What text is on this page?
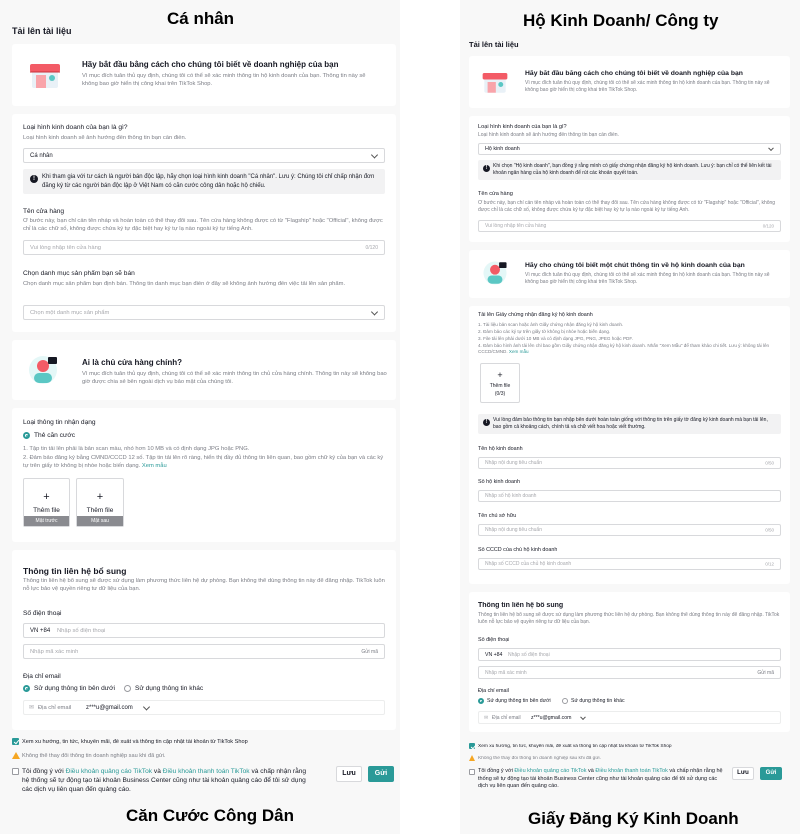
Cá nhân
Tải lên tài liệu
Hãy bắt đầu bằng cách cho chúng tôi biết về doanh nghiệp của bạn
Vì mục đích tuân thủ quy định, chúng tôi có thể sẽ xác minh thông tin hộ kinh doanh của bạn. Thông tin này sẽ không bao giờ hiển thị công khai trên TikTok Shop.
Loại hình kinh doanh của bạn là gì?
Loại hình kinh doanh sẽ ảnh hưởng đến thông tin bạn cần điền.
Cá nhân
!	Khi tham gia với tư cách là người bán độc lập, hãy chọn loại hình kinh doanh "Cá nhân". Lưu ý: Chúng tôi chỉ chấp nhận đơn đăng ký từ các người bán độc lập ở Việt Nam có căn cước công dân hoặc hộ chiếu.
Tên cửa hàng
Ở bước này, bạn chỉ cần tên nháp và hoàn toàn có thể thay đổi sau. Tên cửa hàng không được có từ "Flagship" hoặc "Official", không được chỉ là các chữ số, không được chứa ký tự đặc biệt hay ký tự lạ nào ngoài ký tự tiếng Anh.
Vui lòng nhập tên cửa hàng	0/120
Chọn danh mục sản phẩm bạn sẽ bán
Chọn danh mục sản phẩm bạn định bán. Thông tin danh mục bạn điền ở đây sẽ không ảnh hưởng đến việc tải lên sản phẩm.
Chọn một danh mục sản phẩm
Ai là chủ cửa hàng chính?
Vì mục đích tuân thủ quy định, chúng tôi có thể sẽ xác minh thông tin chủ cửa hàng chính. Thông tin này sẽ không bao giờ được chia sẻ bên ngoài dịch vụ bảo mật của chúng tôi.
Loại thông tin nhận dạng
Thẻ căn cước
1. Tập tin tải lên phải là bản scan màu, nhỏ hơn 10 MB và có định dạng JPG hoặc PNG.
2. Đảm bảo đăng ký bằng CMND/CCCD 12 số. Tập tin tải lên rõ ràng, hiển thị đầy đủ thông tin liên quan, bao gồm chữ ký của bạn và các ký tự trên giấy tờ không bị nhòe hoặc biến dạng. Xem mẫu
+
Thêm file
Mặt trước
+
Thêm file
Mặt sau
Thông tin liên hệ bổ sung
Thông tin liên hệ bổ sung sẽ được sử dụng làm phương thức liên hệ dự phòng. Bạn không thể dùng thông tin này để đăng nhập. TikTok luôn nỗ lực bảo vệ quyền riêng tư dữ liệu của bạn.
Số điện thoại
VN +84 Nhập số điện thoại
Nhập mã xác minh	Gửi mã
Địa chỉ email
Sử dụng thông tin bên dưới	Sử dụng thông tin khác
✉ Địa chỉ email z***u@gmail.com
Xem xu hướng, tin tức, khuyến mãi, đề xuất và thông tin cập nhật tài khoản từ TikTok Shop
Không thể thay đổi thông tin doanh nghiệp sau khi đã gửi.
Tôi đồng ý với Điều khoản quảng cáo TikTok và Điều khoản thanh toán TikTok và chấp nhận rằng hệ thống sẽ tự động tạo tài khoản Business Center cũng như tài khoản quảng cáo để tôi sử dụng các dịch vụ liên quan đến quảng cáo.
Lưu	Gửi
Căn Cước Công Dân
Hộ Kinh Doanh/ Công ty
Tải lên tài liệu
Hãy bắt đầu bằng cách cho chúng tôi biết về doanh nghiệp của bạn
Vì mục đích tuân thủ quy định, chúng tôi có thể sẽ xác minh thông tin hộ kinh doanh của bạn. Thông tin này sẽ không bao giờ hiển thị công khai trên TikTok Shop.
Loại hình kinh doanh của bạn là gì?
Loại hình kinh doanh sẽ ảnh hưởng đến thông tin bạn cần điền.
Hộ kinh doanh
!	Khi chọn "Hộ kinh doanh", bạn đồng ý rằng mình có giấy chứng nhận đăng ký hộ kinh doanh. Lưu ý: bạn chỉ có thể liên kết tài khoản ngân hàng của hộ kinh doanh để rút các khoản quyết toán.
Tên cửa hàng
Ở bước này, bạn chỉ cần tên nháp và hoàn toàn có thể thay đổi sau. Tên cửa hàng không được có từ "Flagship" hoặc "Official", không được chỉ là các chữ số, không được chứa ký tự đặc biệt hay ký tự lạ nào ngoài ký tự tiếng Anh.
Vui lòng nhập tên cửa hàng	0/120
Hãy cho chúng tôi biết một chút thông tin về hộ kinh doanh của bạn
Vì mục đích tuân thủ quy định, chúng tôi có thể sẽ xác minh thông tin hộ kinh doanh của bạn. Thông tin này sẽ không bao giờ hiển thị công khai trên TikTok Shop.
Tải lên Giấy chứng nhận đăng ký hộ kinh doanh
1. Tài liệu bản scan hoặc ảnh Giấy chứng nhận đăng ký hộ kinh doanh.
2. Đảm bảo các ký tự trên giấy tờ không bị nhòe hoặc biến dạng.
3. File tải lên phải dưới 10 MB và có định dạng JPG, PNG, JPEG hoặc PDF.
4. Đảm bảo hình ảnh tải lên chỉ bao gồm Giấy chứng nhận đăng ký hộ kinh doanh. Nhấn "Xem Mẫu" để tham khảo chi tiết. Lưu ý: không tải lên CCCD/CMND. Xem mẫu
+
Thêm file
(0/3)
!	Vui lòng đảm bảo thông tin bạn nhập bên dưới hoàn toàn giống với thông tin trên giấy tờ đăng ký kinh doanh mà bạn tải lên, bao gồm cả khoảng cách, chính tả và chữ viết hoa hoặc viết thường.
Tên hộ kinh doanh
Nhập nội dung tiêu chuẩn	0/50
Số hộ kinh doanh
Nhập số hộ kinh doanh
Tên chủ sở hữu
Nhập nội dung tiêu chuẩn	0/50
Số CCCD của chủ hộ kinh doanh
Nhập số CCCD của chủ hộ kinh doanh	0/12
Thông tin liên hệ bổ sung
Thông tin liên hệ bổ sung sẽ được sử dụng làm phương thức liên hệ dự phòng. Bạn không thể dùng thông tin này để đăng nhập. TikTok luôn nỗ lực bảo vệ quyền riêng tư dữ liệu của bạn.
Số điện thoại
VN +84 Nhập số điện thoại
Nhập mã xác minh	Gửi mã
Địa chỉ email
Sử dụng thông tin bên dưới	Sử dụng thông tin khác
✉ Địa chỉ email z***u@gmail.com
Xem xu hướng, tin tức, khuyến mãi, đề xuất và thông tin cập nhật tài khoản từ TikTok Shop
Không thể thay đổi thông tin doanh nghiệp sau khi đã gửi.
Tôi đồng ý với Điều khoản quảng cáo TikTok và Điều khoản thanh toán TikTok và chấp nhận rằng hệ thống sẽ tự động tạo tài khoản Business Center cũng như tài khoản quảng cáo để tôi sử dụng các dịch vụ liên quan đến quảng cáo.
Lưu	Gửi
Giấy Đăng Ký Kinh Doanh
